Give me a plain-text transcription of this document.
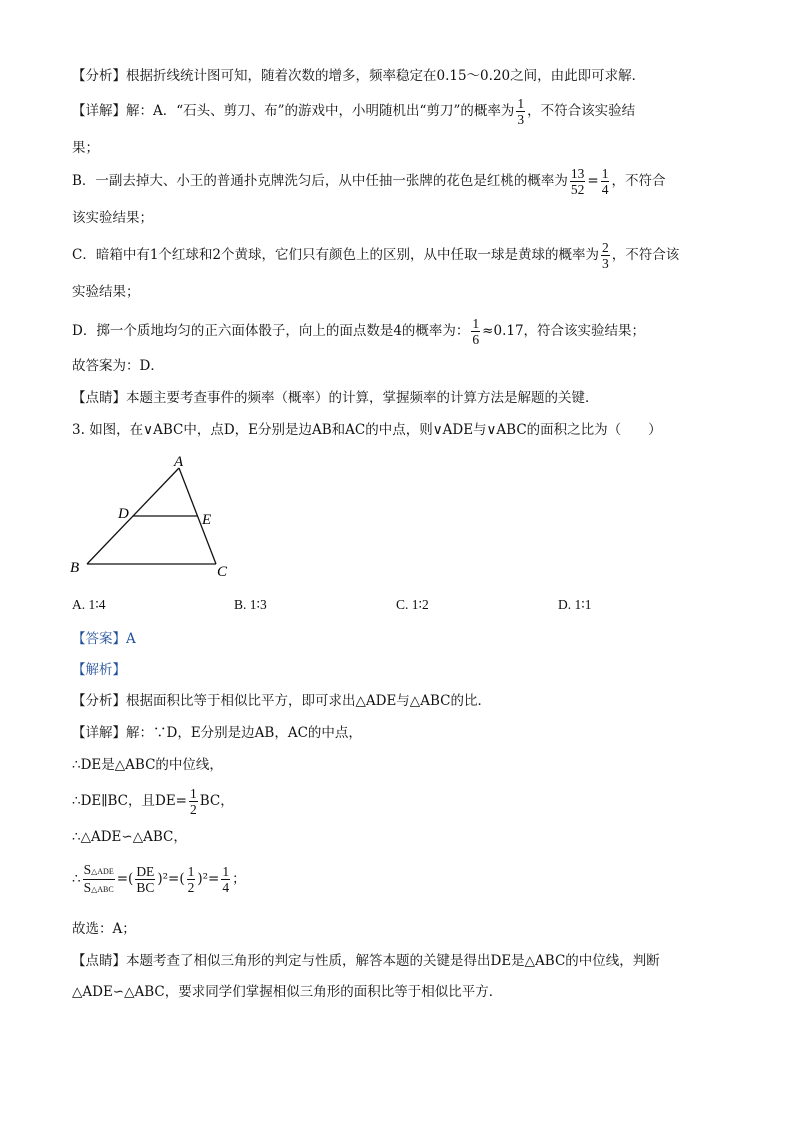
【分析】根据折线统计图可知，随着次数的增多，频率稳定在0.15～0.20之间，由此即可求解．
【详解】解：A．“石头、剪刀、布”的游戏中，小明随机出“剪刀”的概率为 $\frac{1}{3}$ ，不符合该实验结
果；
B．一副去掉大、小王的普通扑克牌洗匀后，从中任抽一张牌的花色是红桃的概率为 $\frac{13}{52} = \frac{1}{4}$ ，不符合
该实验结果；
C．暗箱中有1个红球和2个黄球，它们只有颜色上的区别，从中任取一球是黄球的概率为 $\frac{2}{3}$ ，不符合该
实验结果；
D．掷一个质地均匀的正六面体骰子，向上的面点数是4的概率为： $\frac{1}{6} \approx 0.17$，符合该实验结果；
故答案为：D．
【点睛】本题主要考查事件的频率（概率）的计算，掌握频率的计算方法是解题的关键．
3. 如图，在∨ABC中，点D，E分别是边AB和AC的中点，则∨ADE与∨ABC的面积之比为（　　）
A
B	C
D	E
A. 1∶4	B. 1∶3	C. 1∶2	D. 1∶1
【答案】A
【解析】
【分析】根据面积比等于相似比平方，即可求出△ADE与△ABC的比．
【详解】解：∵D，E分别是边AB，AC的中点，
∴DE是△ABC的中位线，
∴DE∥BC，且$DE= \frac{1}{2}$ BC，
∴△ADE∽△ABC，
∴ $\frac{\text{S△ADE}}{\text{S△ABC}}$ =( $\frac{DE}{BC} )^2=( \frac{1}{2} )^2= \frac{1}{4}$ ；
故选：A；
【点睛】本题考查了相似三角形的判定与性质，解答本题的关键是得出DE是△ABC的中位线，判断
△ADE∽△ABC，要求同学们掌握相似三角形的面积比等于相似比平方．
